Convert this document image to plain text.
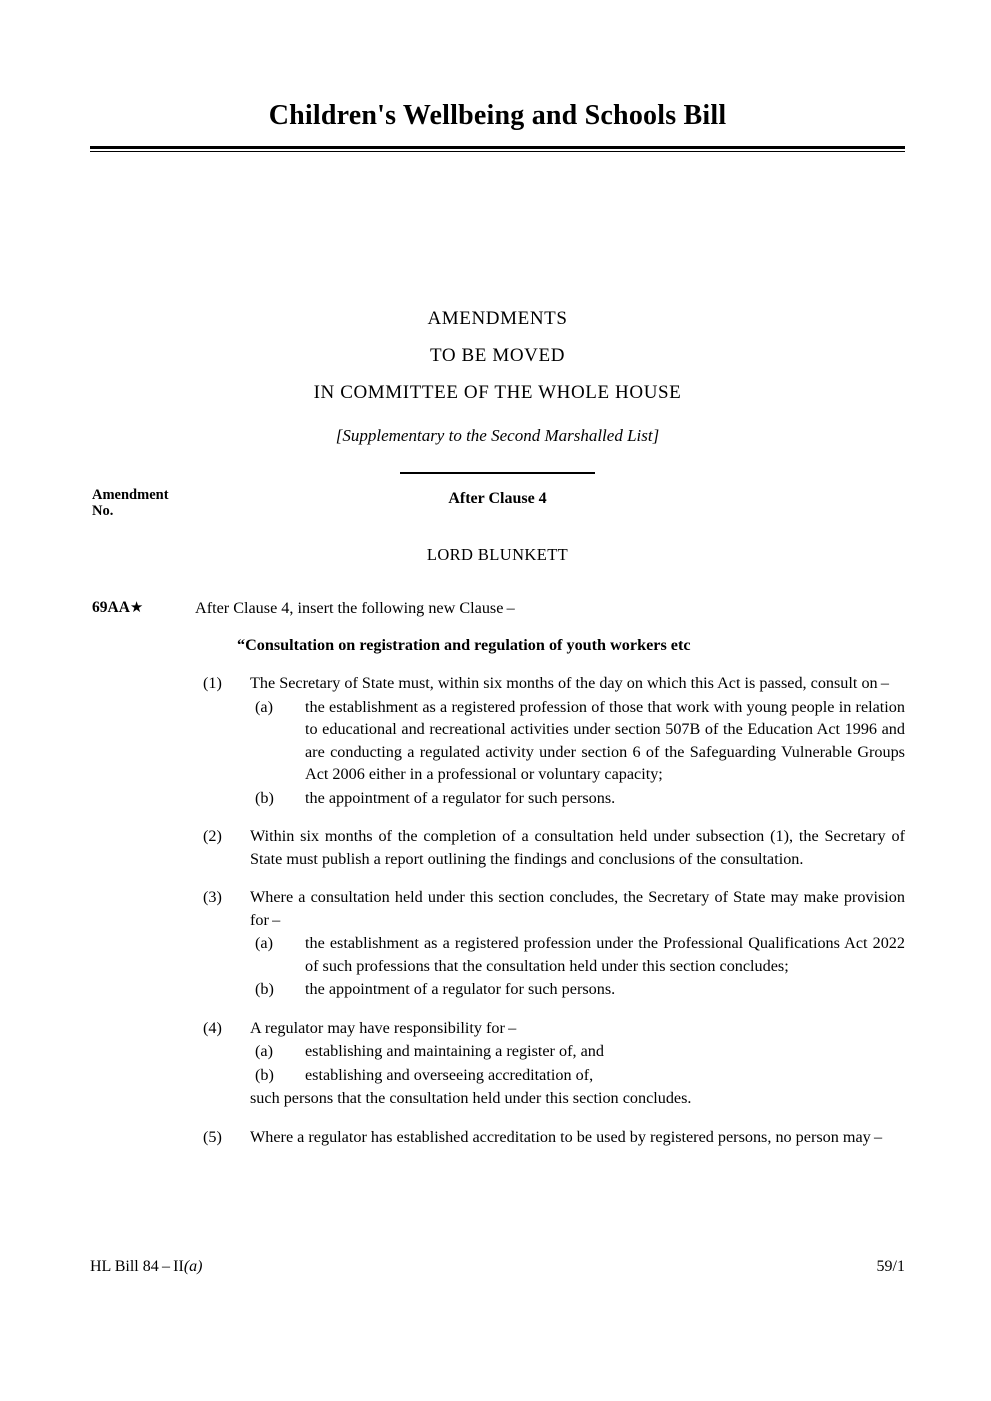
Children's Wellbeing and Schools Bill
AMENDMENTS
TO BE MOVED
IN COMMITTEE OF THE WHOLE HOUSE
[Supplementary to the Second Marshalled List]
Amendment
No.
After Clause 4
LORD BLUNKETT
69AA★	After Clause 4, insert the following new Clause –

“Consultation on registration and regulation of youth workers etc

(1)	The Secretary of State must, within six months of the day on which this Act is passed, consult on –

(a)	the establishment as a registered profession of those that work with young people in relation to educational and recreational activities under section 507B of the Education Act 1996 and are conducting a regulated activity under section 6 of the Safeguarding Vulnerable Groups Act 2006 either in a professional or voluntary capacity;

(b)	the appointment of a regulator for such persons.

(2)	Within six months of the completion of a consultation held under subsection (1), the Secretary of State must publish a report outlining the findings and conclusions of the consultation.

(3)	Where a consultation held under this section concludes, the Secretary of State may make provision for –

(a)	the establishment as a registered profession under the Professional Qualifications Act 2022 of such professions that the consultation held under this section concludes;

(b)	the appointment of a regulator for such persons.

(4)	A regulator may have responsibility for –

(a)	establishing and maintaining a register of, and

(b)	establishing and overseeing accreditation of,

such persons that the consultation held under this section concludes.

(5)	Where a regulator has established accreditation to be used by registered persons, no person may –

HL Bill 84 – II(a)	59/1
